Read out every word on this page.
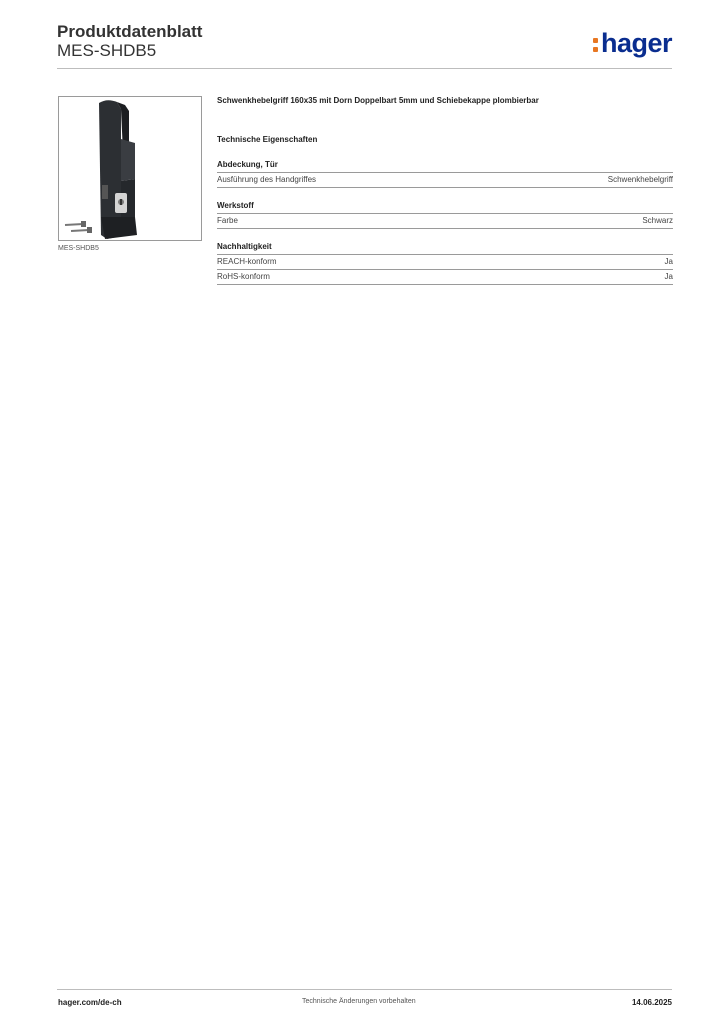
Produktdatenblatt
MES-SHDB5	hager
MES-SHDB5
Schwenkhebelgriff 160x35 mit Dorn Doppelbart 5mm und Schiebekappe plombierbar
Technische Eigenschaften
Abdeckung, Tür
Ausführung des Handgriffes	Schwenkhebelgriff
Werkstoff
Farbe	Schwarz
Nachhaltigkeit
REACH-konform	Ja
RoHS-konform	Ja
hager.com/de-ch	Technische Änderungen vorbehalten	14.06.2025
